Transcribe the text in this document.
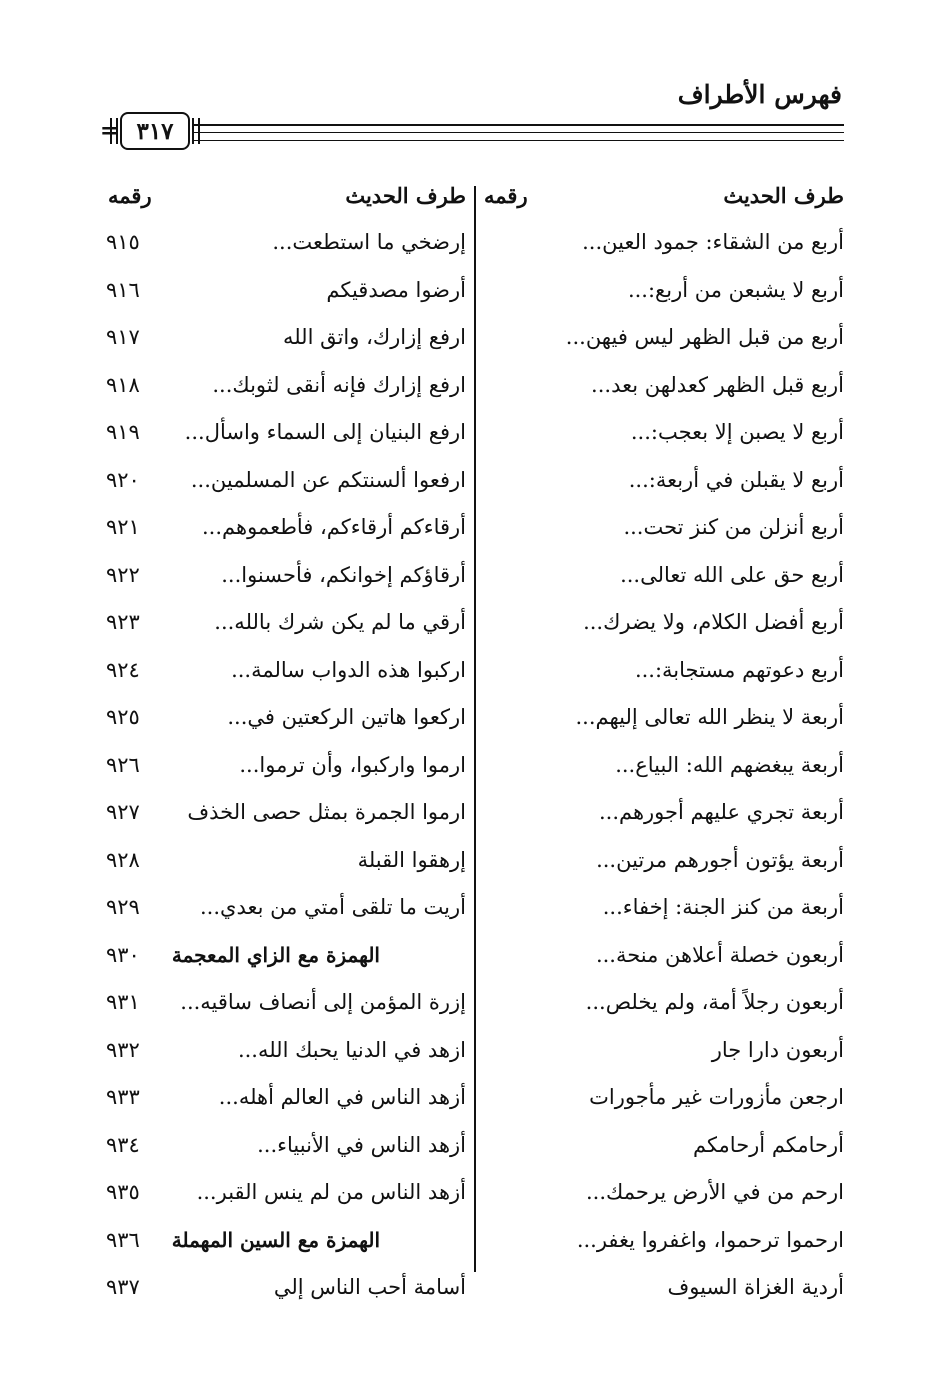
فهرس الأطراف
٣١٧
=
طرف الحديث
رقمه
طرف الحديث
رقمه
أربع من الشقاء: جمود العين...
٩١٥
أربع لا يشبعن من أربع:...
٩١٦
أربع من قبل الظهر ليس فيهن...
٩١٧
أربع قبل الظهر كعدلهن بعد...
٩١٨
أربع لا يصبن إلا بعجب:...
٩١٩
أربع لا يقبلن في أربعة:...
٩٢٠
أربع أنزلن من كنز تحت...
٩٢١
أربع حق على الله تعالى...
٩٢٢
أربع أفضل الكلام، ولا يضرك...
٩٢٣
أربع دعوتهم مستجابة:...
٩٢٤
أربعة لا ينظر الله تعالى إليهم...
٩٢٥
أربعة يبغضهم الله: البياع...
٩٢٦
أربعة تجري عليهم أجورهم...
٩٢٧
أربعة يؤتون أجورهم مرتين...
٩٢٨
أربعة من كنز الجنة: إخفاء...
٩٢٩
أربعون خصلة أعلاهن منحة...
٩٣٠
أربعون رجلاً أمة، ولم يخلص...
٩٣١
أربعون دارا جار
٩٣٢
ارجعن مأزورات غير مأجورات
٩٣٣
أرحامكم أرحامكم
٩٣٤
ارحم من في الأرض يرحمك...
٩٣٥
ارحموا ترحموا، واغفروا يغفر...
٩٣٦
أردية الغزاة السيوف
٩٣٧
إرضخي ما استطعت...
أرضوا مصدقيكم
ارفع إزارك، واتق الله
ارفع إزارك فإنه أنقى لثوبك...
ارفع البنيان إلى السماء واسأل...
ارفعوا ألسنتكم عن المسلمين...
أرقاءكم أرقاءكم، فأطعموهم...
أرقاؤكم إخوانكم، فأحسنوا...
أرقي ما لم يكن شرك بالله...
اركبوا هذه الدواب سالمة...
اركعوا هاتين الركعتين في...
ارموا واركبوا، وأن ترموا...
ارموا الجمرة بمثل حصى الخذف
إرهقوا القبلة
أريت ما تلقى أمتي من بعدي...
الهمزة مع الزاي المعجمة
إزرة المؤمن إلى أنصاف ساقيه...
ازهد في الدنيا يحبك الله...
أزهد الناس في العالم أهله...
أزهد الناس في الأنبياء...
أزهد الناس من لم ينس القبر...
الهمزة مع السين المهملة
أسامة أحب الناس إلي
